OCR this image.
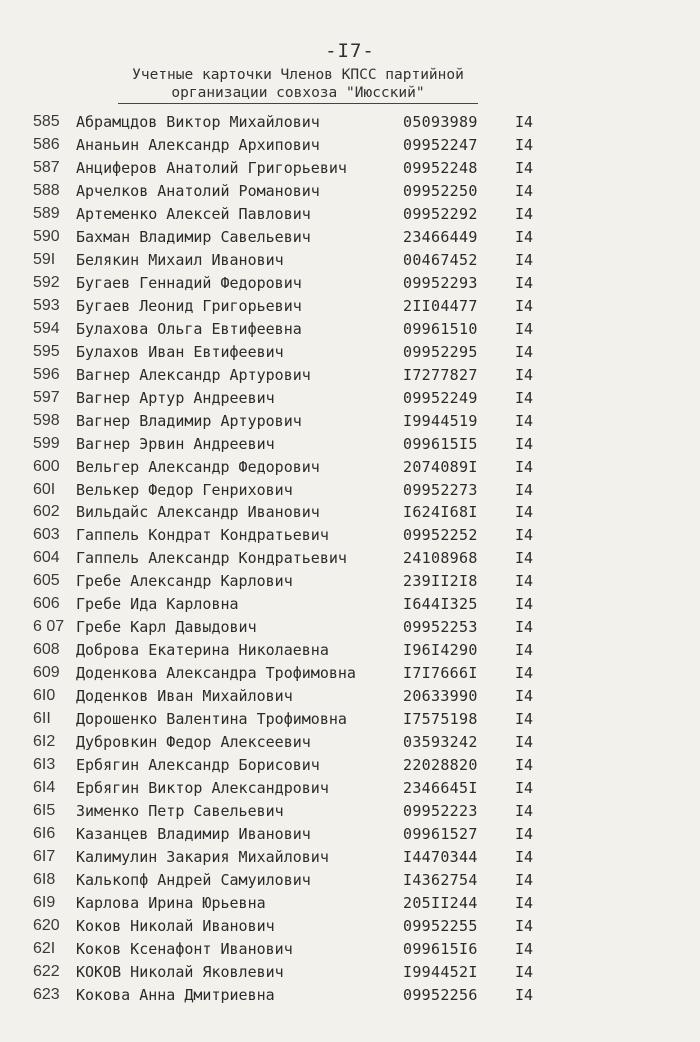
-I7-
Учетные карточки Членов КПСС партийной

организации совхоза "Июсский"
585 Абрамцдов Виктор Михайлович	05093989 I4
586 Ананьин Александр Архипович	09952247 I4
587 Анциферов Анатолий Григорьевич	09952248 I4
588 Арчелков Анатолий Романович	09952250 I4
589 Артеменко Алексей Павлович	09952292 I4
590 Бахман Владимир Савельевич	23466449 I4
59I Белякин Михаил Иванович	00467452 I4
592 Бугаев Геннадий Федорович	09952293 I4
593 Бугаев Леонид Григорьевич	2II04477 I4
594 Булахова Ольга Евтифеевна	09961510 I4
595 Булахов Иван Евтифеевич	09952295 I4
596 Вагнер Александр Артурович	I7277827 I4
597 Вагнер Артур Андреевич	09952249 I4
598 Вагнер Владимир Артурович	I9944519 I4
599 Вагнер Эрвин Андреевич	099615I5 I4
600 Вельгер Александр Федорович	2074089I I4
60I Велькер Федор Генрихович	09952273 I4
602 Вильдайс Александр Иванович	I624I68I I4
603 Гаппель Кондрат Кондратьевич	09952252 I4
604 Гаппель Александр Кондратьевич	24108968 I4
605 Гребе Александр Карлович	239II2I8 I4
606 Гребе Ида Карловна	I644I325 I4
6 07 Гребе Карл Давыдович	09952253 I4
608 Доброва Екатерина Николаевна	I96I4290 I4
609 Доденкова Александра Трофимовна	I7I7666I I4
6I0 Доденков Иван Михайлович	20633990 I4
6II Дорошенко Валентина Трофимовна	I7575198 I4
6I2 Дубровкин Федор Алексеевич	03593242 I4
6I3 Ербягин Александр Борисович	22028820 I4
6I4 Ербягин Виктор Александрович	2346645I I4
6I5 Зименко Петр Савельевич	09952223 I4
6I6 Казанцев Владимир Иванович	09961527 I4
6I7 Калимулин Закария Михайлович	I4470344 I4
6I8 Калькопф Андрей Самуилович	I4362754 I4
6I9 Карлова Ирина Юрьевна	205II244 I4
620 Коков Николай Иванович	09952255 I4
62I Коков Ксенафонт Иванович	099615I6 I4
622 КОКОВ Николай Яковлевич	I994452I I4
623 Кокова Анна Дмитриевна	09952256 I4
